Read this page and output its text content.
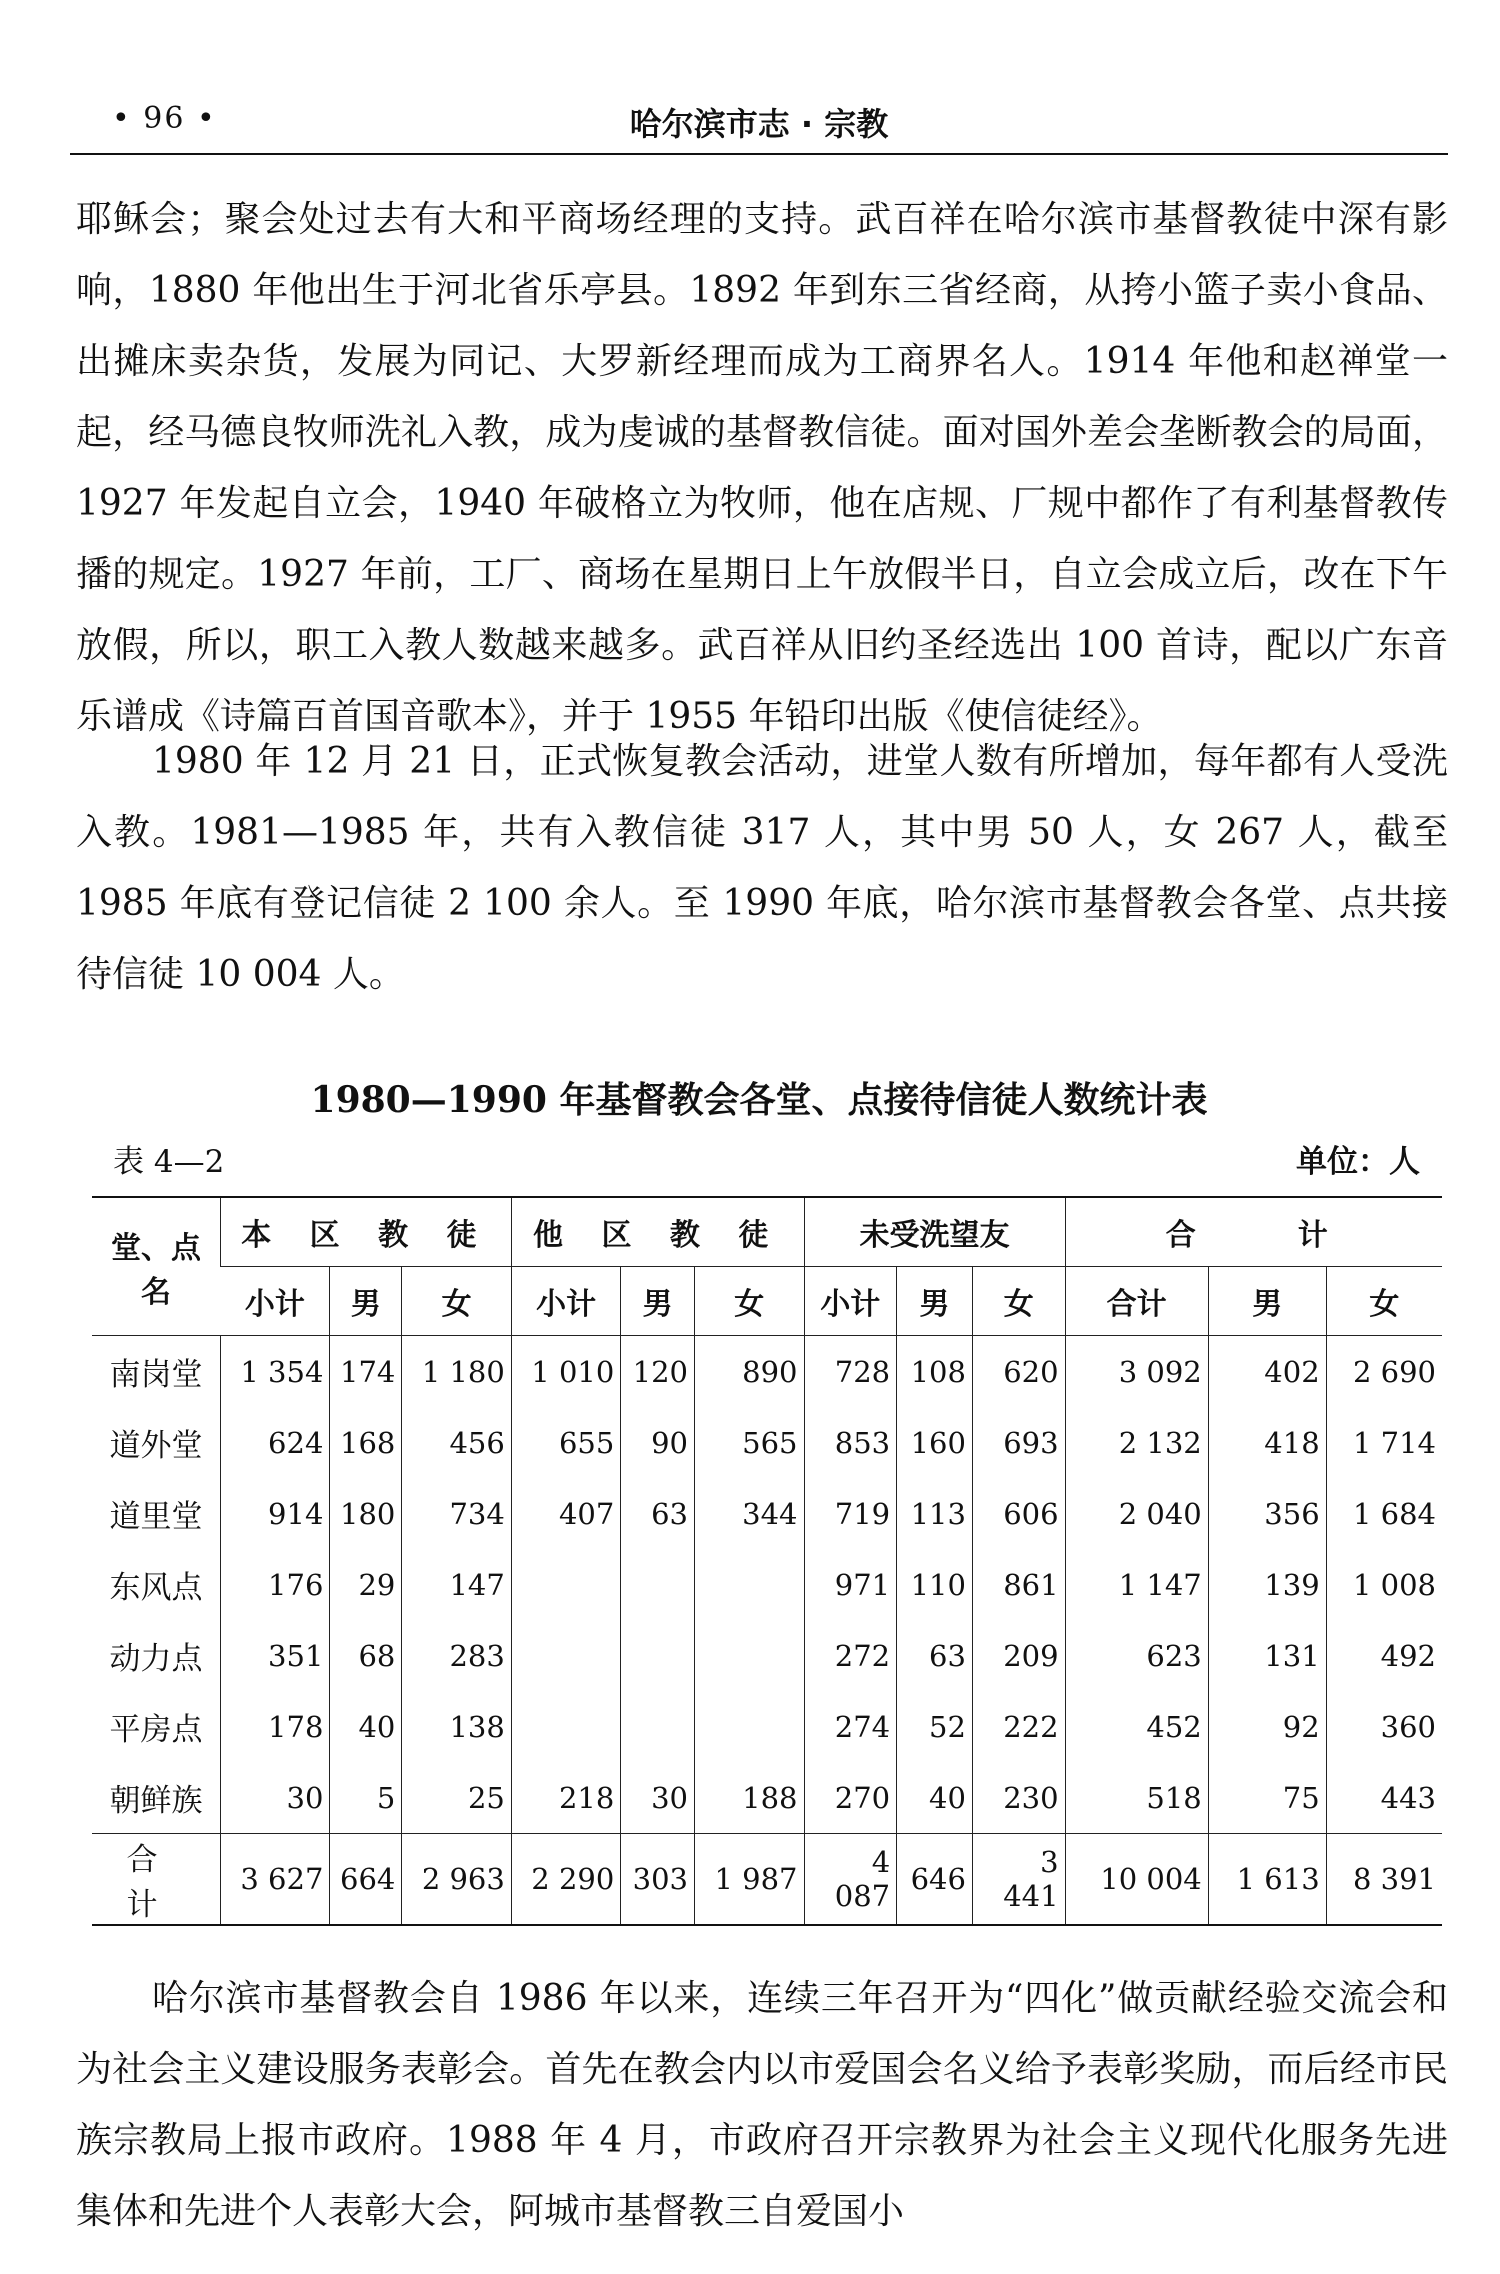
• 96 •	哈尔滨市志 · 宗教

耶稣会；聚会处过去有大和平商场经理的支持。武百祥在哈尔滨市基督教徒中深有影响，1880 年他出生于河北省乐亭县。1892 年到东三省经商，从挎小篮子卖小食品、出摊床卖杂货，发展为同记、大罗新经理而成为工商界名人。1914 年他和赵禅堂一起，经马德良牧师洗礼入教，成为虔诚的基督教信徒。面对国外差会垄断教会的局面，1927 年发起自立会，1940 年破格立为牧师，他在店规、厂规中都作了有利基督教传播的规定。1927 年前，工厂、商场在星期日上午放假半日，自立会成立后，改在下午放假，所以，职工入教人数越来越多。武百祥从旧约圣经选出 100 首诗，配以广东音乐谱成《诗篇百首国音歌本》，并于 1955 年铅印出版《使信徒经》。

1980 年 12 月 21 日，正式恢复教会活动，进堂人数有所增加，每年都有人受洗入教。1981—1985 年，共有入教信徒 317 人，其中男 50 人，女 267 人，截至 1985 年底有登记信徒 2 100 余人。至 1990 年底，哈尔滨市基督教会各堂、点共接待信徒 10 004 人。

1980—1990 年基督教会各堂、点接待信徒人数统计表
表 4—2	单位：人
堂、点名	本 区 教 徒			他 区 教 徒			未受洗望友			合　　计		
	小计	男	女	小计	男	女	小计	男	女	合计	男	女
南岗堂	1 354	174	1 180	1 010	120	890	728	108	620	3 092	402	2 690
道外堂	624	168	456	655	90	565	853	160	693	2 132	418	1 714
道里堂	914	180	734	407	63	344	719	113	606	2 040	356	1 684
东风点	176	29	147				971	110	861	1 147	139	1 008
动力点	351	68	283				272	63	209	623	131	492
平房点	178	40	138				274	52	222	452	92	360
朝鲜族	30	5	25	218	30	188	270	40	230	518	75	443
合计	3 627	664	2 963	2 290	303	1 987	4 087	646	3 441	10 004	1 613	8 391

哈尔滨市基督教会自 1986 年以来，连续三年召开为“四化”做贡献经验交流会和为社会主义建设服务表彰会。首先在教会内以市爱国会名义给予表彰奖励，而后经市民族宗教局上报市政府。1988 年 4 月，市政府召开宗教界为社会主义现代化服务先进集体和先进个人表彰大会，阿城市基督教三自爱国小
